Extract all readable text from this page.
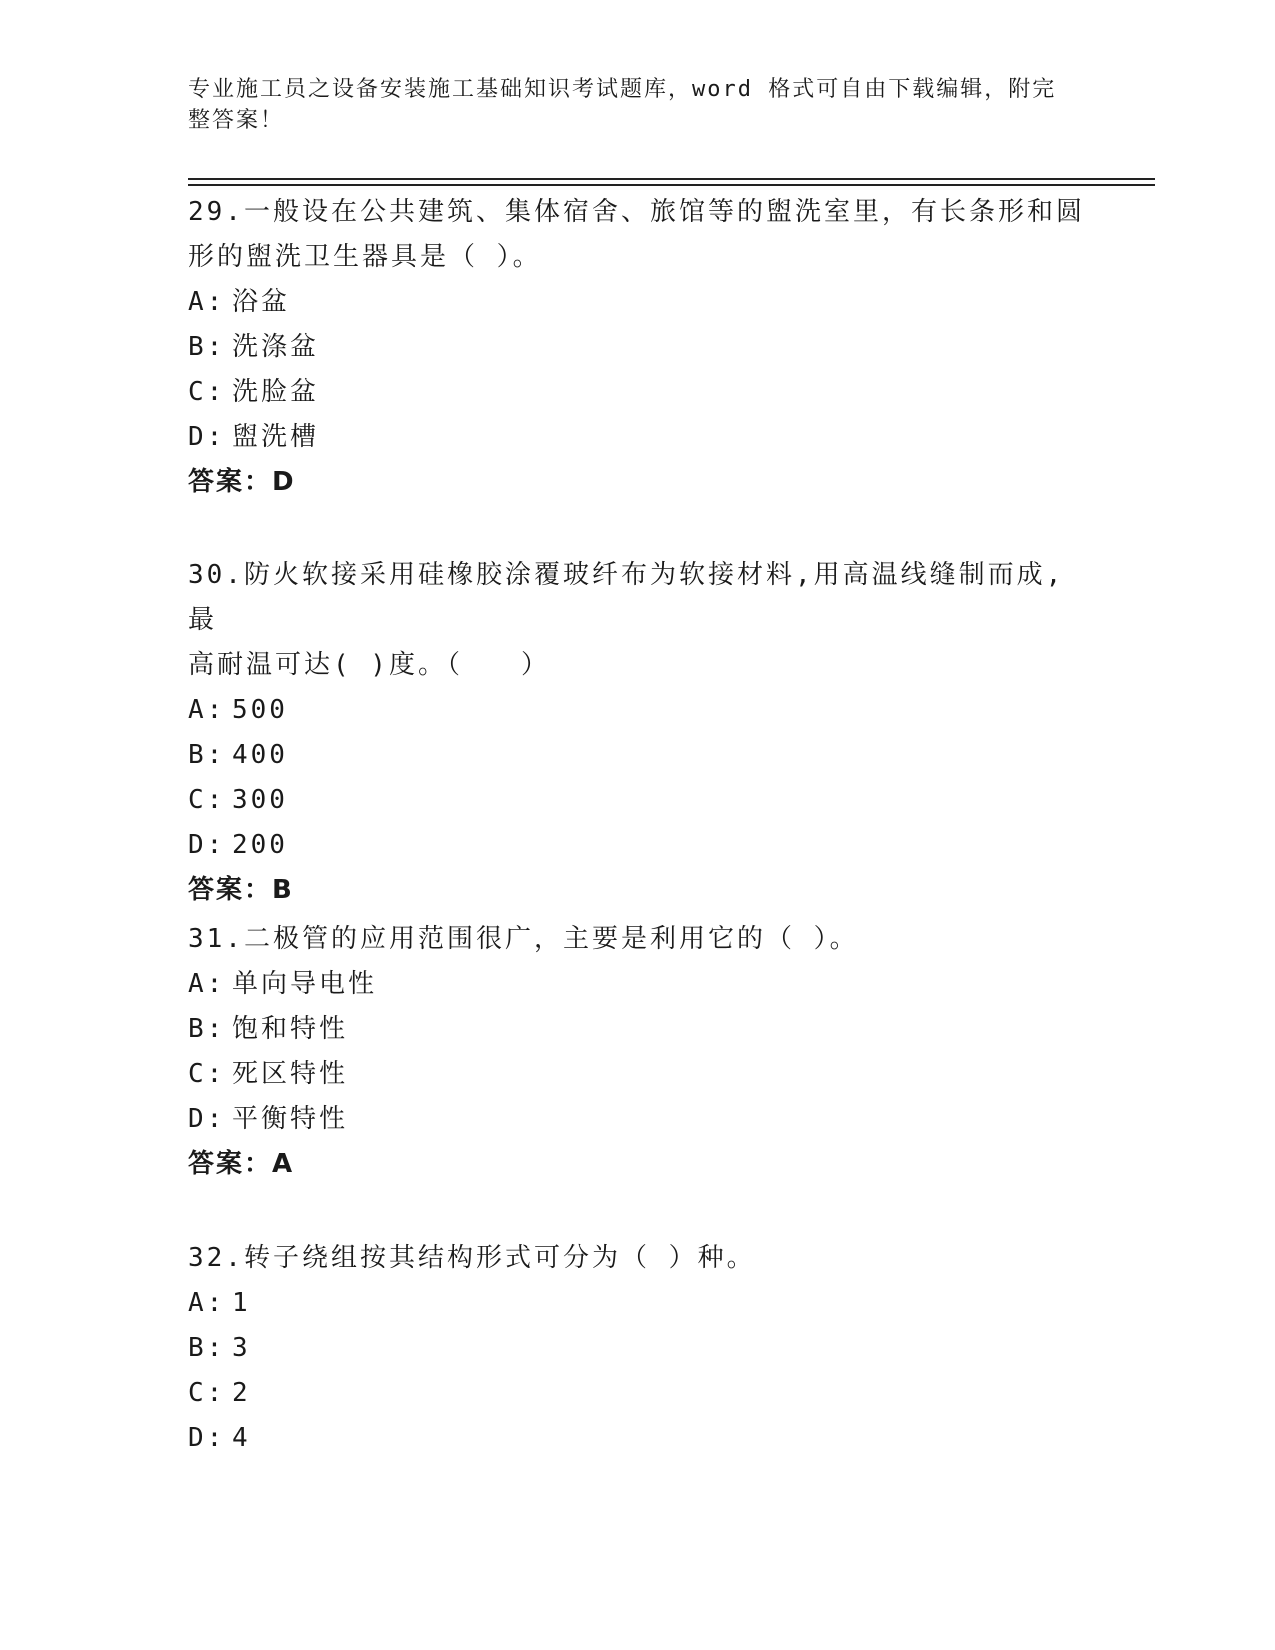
专业施工员之设备安装施工基础知识考试题库，word 格式可自由下载编辑，附完
整答案！
29.一般设在公共建筑、集体宿舍、旅馆等的盥洗室里，有长条形和圆
形的盥洗卫生器具是（ ）。
A: 浴盆
B: 洗涤盆
C: 洗脸盆
D: 盥洗槽
答案：D
30.防火软接采用硅橡胶涂覆玻纤布为软接材料,用高温线缝制而成,最
高耐温可达( )度。（　　）
A: 500
B: 400
C: 300
D: 200
答案：B
31.二极管的应用范围很广，主要是利用它的（ ）。
A: 单向导电性
B: 饱和特性
C: 死区特性
D: 平衡特性
答案：A
32.转子绕组按其结构形式可分为（ ）种。
A: 1
B: 3
C: 2
D: 4
